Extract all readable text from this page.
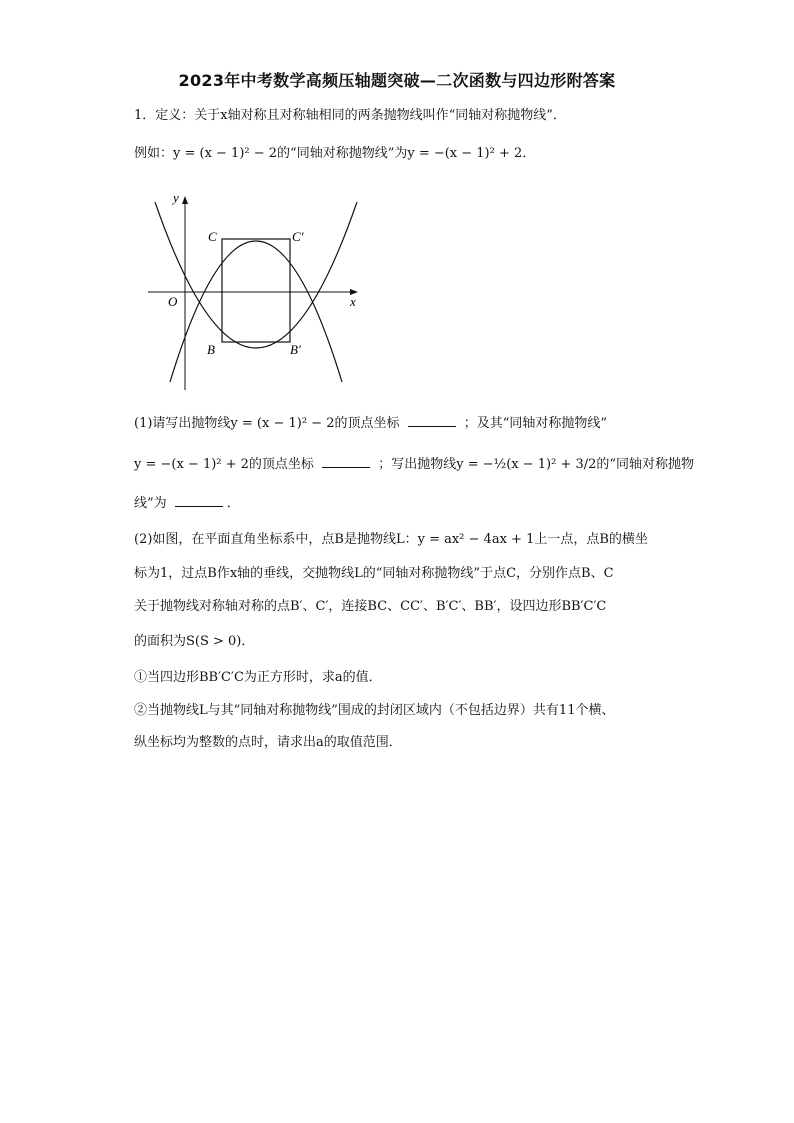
2023年中考数学高频压轴题突破—二次函数与四边形附答案
1．定义：关于x轴对称且对称轴相同的两条抛物线叫作“同轴对称抛物线”．
例如：y = (x − 1)² − 2的“同轴对称抛物线”为y = −(x − 1)² + 2．
y
x
O
C	C′
B	B′
(1)请写出抛物线y = (x − 1)² − 2的顶点坐标	；及其“同轴对称抛物线”
y = −(x − 1)² + 2的顶点坐标	；写出抛物线y = −½(x − 1)² + 3/2的“同轴对称抛物
线”为	．
(2)如图，在平面直角坐标系中，点B是抛物线L：y = ax² − 4ax + 1上一点，点B的横坐
标为1，过点B作x轴的垂线，交抛物线L的“同轴对称抛物线”于点C，分别作点B、C
关于抛物线对称轴对称的点B′、C′，连接BC、CC′、B′C′、BB′，设四边形BB′C′C
的面积为S(S > 0)．
①当四边形BB′C′C为正方形时，求a的值．
②当抛物线L与其“同轴对称抛物线”围成的封闭区域内（不包括边界）共有11个横、
纵坐标均为整数的点时，请求出a的取值范围．
